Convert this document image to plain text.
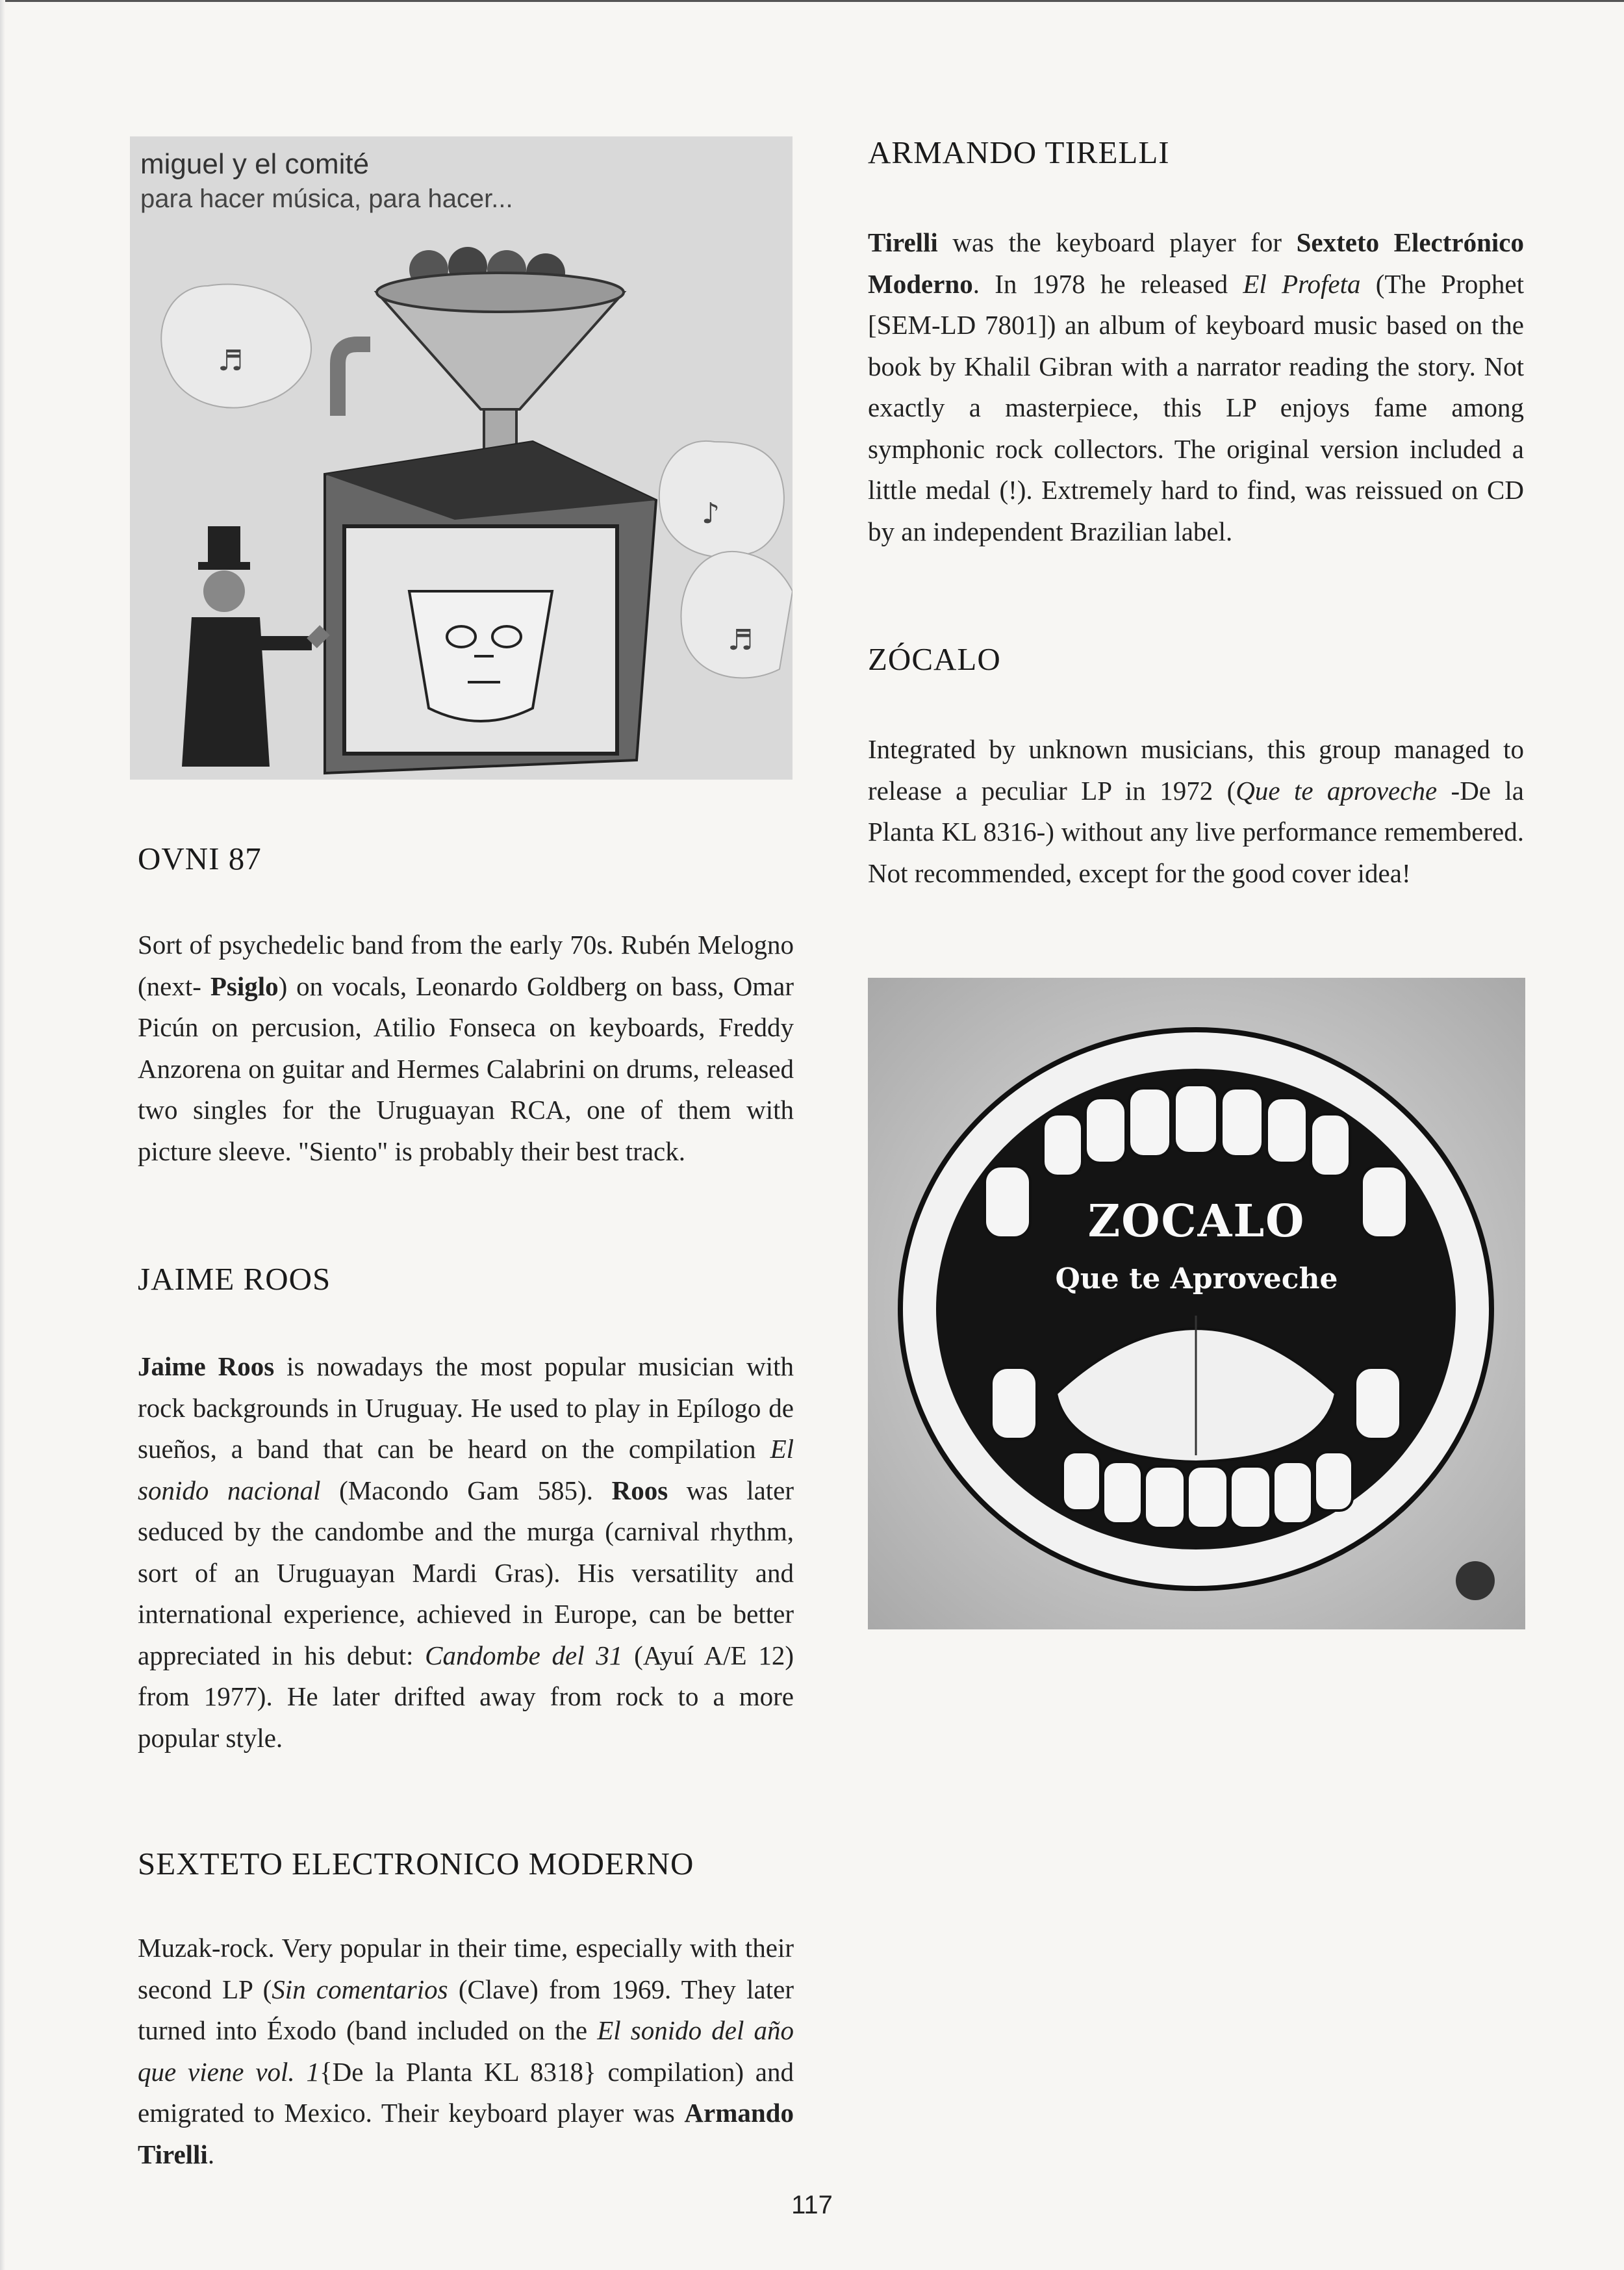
miguel y el comité
para hacer música, para hacer...
♬
♪
♬
OVNI 87

Sort of psychedelic band from the early 70s. Rubén Melogno (next- Psiglo) on vocals, Leonardo Goldberg on bass, Omar Picún on percusion, Atilio Fonseca on keyboards, Freddy Anzorena on guitar and Hermes Calabrini on drums, released two singles for the Uruguayan RCA, one of them with picture sleeve. "Siento" is probably their best track.

JAIME ROOS

Jaime Roos is nowadays the most popular musician with rock backgrounds in Uruguay. He used to play in Epílogo de sueños, a band that can be heard on the compilation El sonido nacional (Macondo Gam 585). Roos was later seduced by the candombe and the murga (carnival rhythm, sort of an Uruguayan Mardi Gras). His versatility and international experience, achieved in Europe, can be better appreciated in his debut: Candombe del 31 (Ayuí A/E 12) from 1977). He later drifted away from rock to a more popular style.

SEXTETO ELECTRONICO MODERNO

Muzak-rock. Very popular in their time, especially with their second LP (Sin comentarios (Clave) from 1969. They later turned into Éxodo (band included on the El sonido del año que viene vol. 1{De la Planta KL 8318} compilation) and emigrated to Mexico. Their keyboard player was Armando Tirelli.

ARMANDO TIRELLI

Tirelli was the keyboard player for Sexteto Electrónico Moderno. In 1978 he released El Profeta (The Prophet [SEM-LD 7801]) an album of keyboard music based on the book by Khalil Gibran with a narrator reading the story. Not exactly a masterpiece, this LP enjoys fame among symphonic rock collectors. The original version included a little medal (!). Extremely hard to find, was reissued on CD by an independent Brazilian label.

ZÓCALO

Integrated by unknown musicians, this group managed to release a peculiar LP in 1972 (Que te aproveche -De la Planta KL 8316-) without any live performance remembered. Not recommended, except for the good cover idea!

ZOCALO
Que te Aproveche
117
